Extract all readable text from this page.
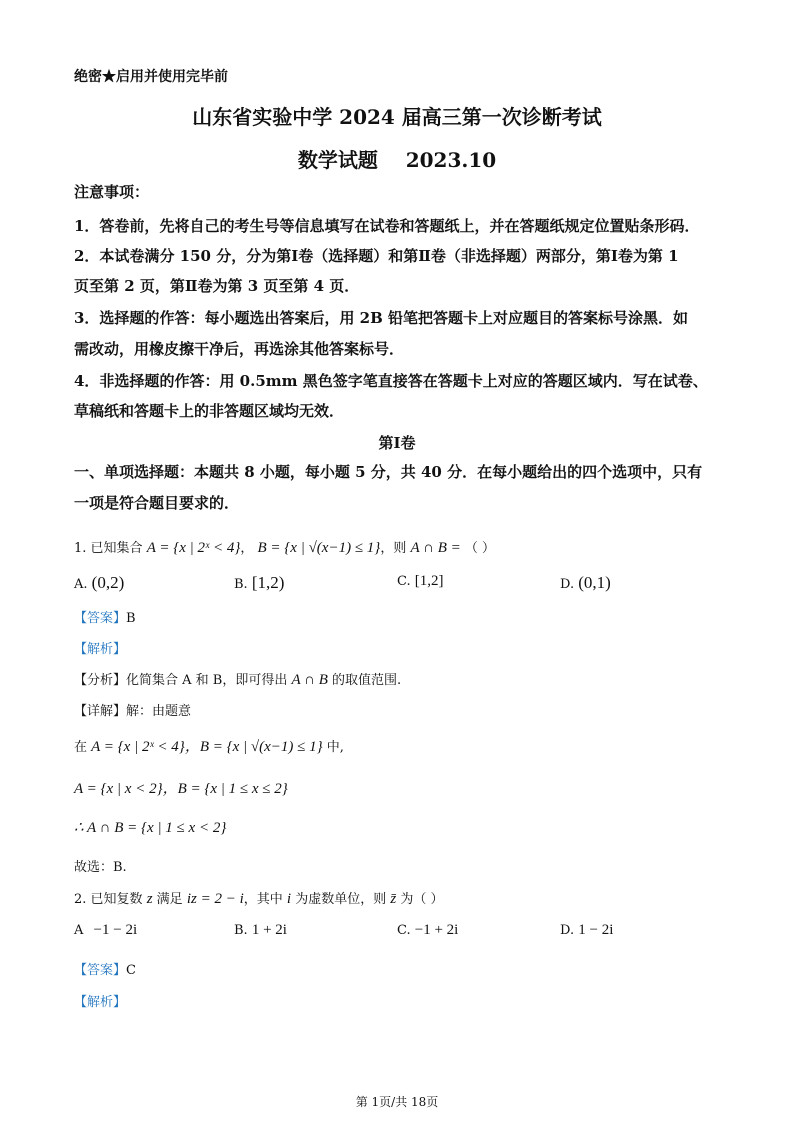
绝密★启用并使用完毕前
山东省实验中学 2024 届高三第一次诊断考试
数学试题    2023.10
注意事项：
1．答卷前，先将自己的考生号等信息填写在试卷和答题纸上，并在答题纸规定位置贴条形码．
2．本试卷满分 150 分，分为第Ⅰ卷（选择题）和第Ⅱ卷（非选择题）两部分，第Ⅰ卷为第 1
页至第 2 页，第Ⅱ卷为第 3 页至第 4 页．
3．选择题的作答：每小题选出答案后，用 2B 铅笔把答题卡上对应题目的答案标号涂黑．如
需改动，用橡皮擦干净后，再选涂其他答案标号．
4．非选择题的作答：用 0.5mm 黑色签字笔直接答在答题卡上对应的答题区域内．写在试卷、
草稿纸和答题卡上的非答题区域均无效．
第Ⅰ卷
一、单项选择题：本题共 8 小题，每小题 5 分，共 40 分．在每小题给出的四个选项中，只有
一项是符合题目要求的．
1. 已知集合 A = {x | 2ˣ < 4}， B = {x | √(x−1) ≤ 1}，则 A ∩ B = （ ）
A. (0,2)	B. [1,2)	C. [1,2]	D. (0,1)
【答案】B
【解析】
【分析】化简集合 A 和 B，即可得出 A ∩ B 的取值范围.
【详解】解：由题意
在 A = {x | 2ˣ < 4}，B = {x | √(x−1) ≤ 1} 中,
A = {x | x < 2}，B = {x | 1 ≤ x ≤ 2}
∴ A ∩ B = {x | 1 ≤ x < 2}
故选：B.
2. 已知复数 z 满足 iz = 2 − i，其中 i 为虚数单位，则 z̄ 为（ ）
A −1 − 2i	B. 1 + 2i	C. −1 + 2i	D. 1 − 2i
【答案】C
【解析】
第 1页/共 18页
